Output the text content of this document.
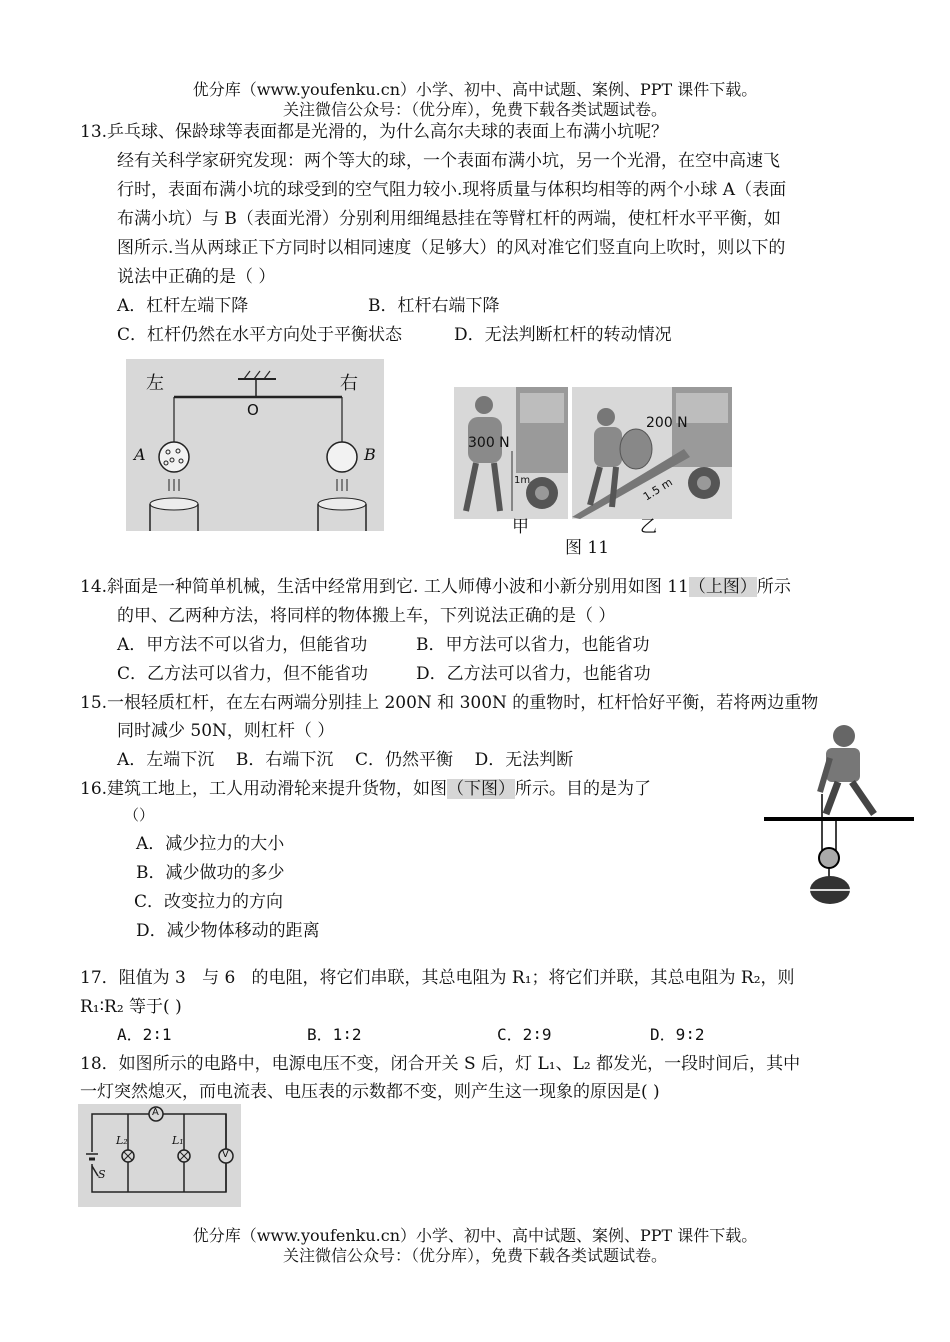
优分库（www.youfenku.cn）小学、初中、高中试题、案例、PPT 课件下载。
关注微信公众号：（优分库），免费下载各类试题试卷。
13.乒乓球、保龄球等表面都是光滑的，为什么高尔夫球的表面上布满小坑呢？
经有关科学家研究发现：两个等大的球，一个表面布满小坑，另一个光滑，在空中高速飞
行时，表面布满小坑的球受到的空气阻力较小.现将质量与体积均相等的两个小球 A（表面
布满小坑）与 B（表面光滑）分别利用细绳悬挂在等臂杠杆的两端，使杠杆水平平衡，如
图所示.当从两球正下方同时以相同速度（足够大）的风对准它们竖直向上吹时，则以下的
说法中正确的是（ ）
A．杠杆左端下降	B．杠杆右端下降
C．杠杆仍然在水平方向处于平衡状态	D．无法判断杠杆的转动情况
左	右
O
A	B
300 N
1m
200 N
1.5 m
甲	乙
图 11
14.斜面是一种简单机械，生活中经常用到它. 工人师傅小波和小新分别用如图 11（上图）所示
的甲、乙两种方法，将同样的物体搬上车，下列说法正确的是（ ）
A．甲方法不可以省力，但能省功	B．甲方法可以省力，也能省功
C．乙方法可以省力，但不能省功	D．乙方法可以省力，也能省功
15.一根轻质杠杆，在左右两端分别挂上 200N 和 300N 的重物时，杠杆恰好平衡，若将两边重物
同时减少 50N，则杠杆（ ）
A．左端下沉    B．右端下沉    C．仍然平衡    D．无法判断
16.建筑工地上，工人用动滑轮来提升货物，如图（下图）所示。目的是为了
（）
A．减少拉力的大小
B．减少做功的多少
C．改变拉力的方向
D．减少物体移动的距离
17．阻值为 3   与 6   的电阻，将它们串联，其总电阻为 R₁；将它们并联，其总电阻为 R₂，则
R₁∶R₂ 等于( )
A．2∶1	B．1∶2	C．2∶9	D．9∶2
18．如图所示的电路中，电源电压不变，闭合开关 S 后，灯 L₁、L₂ 都发光，一段时间后，其中
一灯突然熄灭，而电流表、电压表的示数都不变，则产生这一现象的原因是( )
A
V
L₂	L₁
S
优分库（www.youfenku.cn）小学、初中、高中试题、案例、PPT 课件下载。
关注微信公众号：（优分库），免费下载各类试题试卷。
